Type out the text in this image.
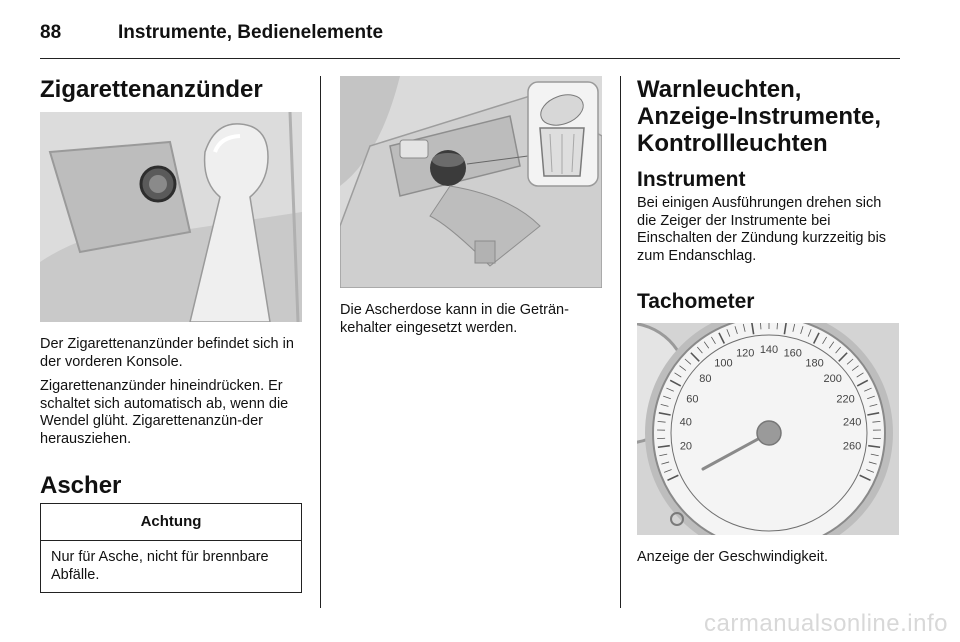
88	Instrumente, Bedienelemente
Zigarettenanzünder

Der Zigarettenanzünder befindet sich in der vorderen Konsole.

Zigarettenanzünder hineindrücken. Er schaltet sich automatisch ab, wenn die Wendel glüht. Zigarettenanzün-der herausziehen.

Ascher
Achtung
Nur für Asche, nicht für brennbare Abfälle.

Die Ascherdose kann in die Geträn-kehalter eingesetzt werden.

Warnleuchten, Anzeige-Instrumente, Kontrollleuchten
Instrument

Bei einigen Ausführungen drehen sich die Zeiger der Instrumente bei Einschalten der Zündung kurzzeitig bis zum Endanschlag.

Tachometer
20
40
60
80
100
120 140 160
180
200
220
240
260

Anzeige der Geschwindigkeit.

carmanualsonline.info
